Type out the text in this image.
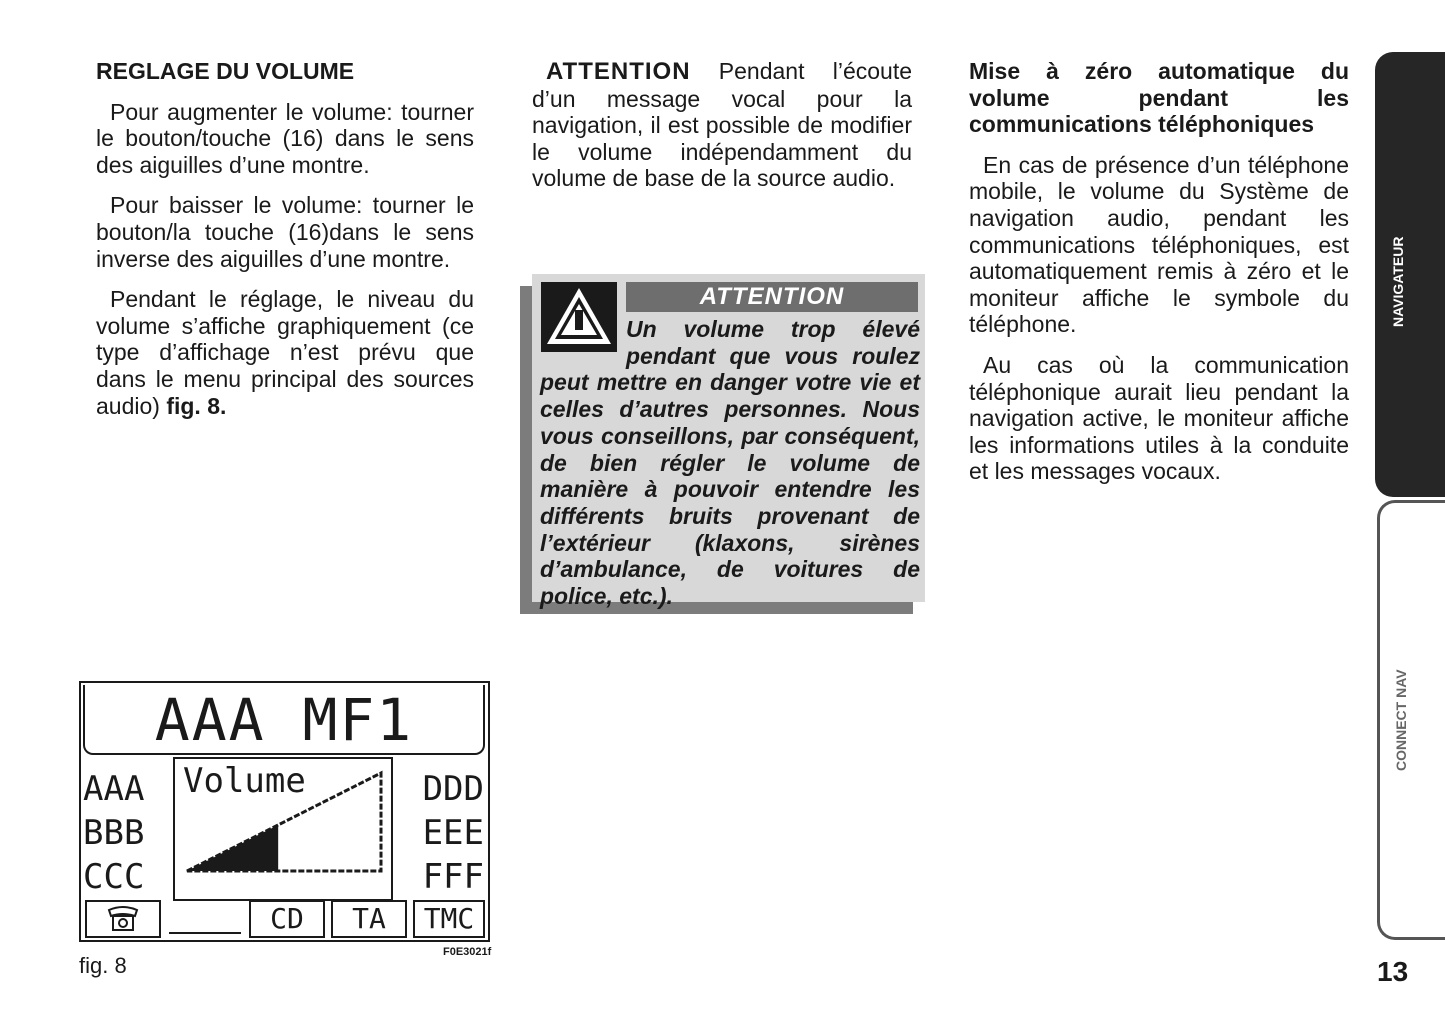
REGLAGE DU VOLUME

Pour augmenter le volume: tourner le bouton/touche (16) dans le sens des aiguilles d’une montre.

Pour baisser le volume: tourner le bouton/la touche (16)dans le sens inverse des aiguilles d’une montre.

Pendant le réglage, le niveau du volume s’affiche graphiquement (ce type d’affichage n’est prévu que dans le menu principal des sources audio) fig. 8.

ATTENTION Pendant l’écoute d’un message vocal pour la navigation, il est possible de modifier le volume indépendamment du volume de base de la source audio.

ATTENTION

Un volume trop élevé pendant que vous roulez peut mettre en danger votre vie et celles d’autres personnes. Nous vous conseillons, par conséquent, de bien régler le volume de manière à pouvoir entendre les différents bruits provenant de l’extérieur (klaxons, sirènes d’ambulance, de voitures de police, etc.).

Mise à zéro automatique du volume pendant les communications téléphoniques

En cas de présence d’un téléphone mobile, le volume du Système de navigation audio, pendant les communications téléphoniques, est automatiquement remis à zéro et le moniteur affiche le symbole du téléphone.

Au cas où la communication téléphonique aurait lieu pendant la navigation active, le moniteur affiche les informations utiles à la conduite et les messages vocaux.

AAA MF1
AAA
BBB
CCC
DDD
EEE
FFF
Volume
CD	TA	TMC
fig. 8
F0E3021f
NAVIGATEUR
CONNECT NAV
13
